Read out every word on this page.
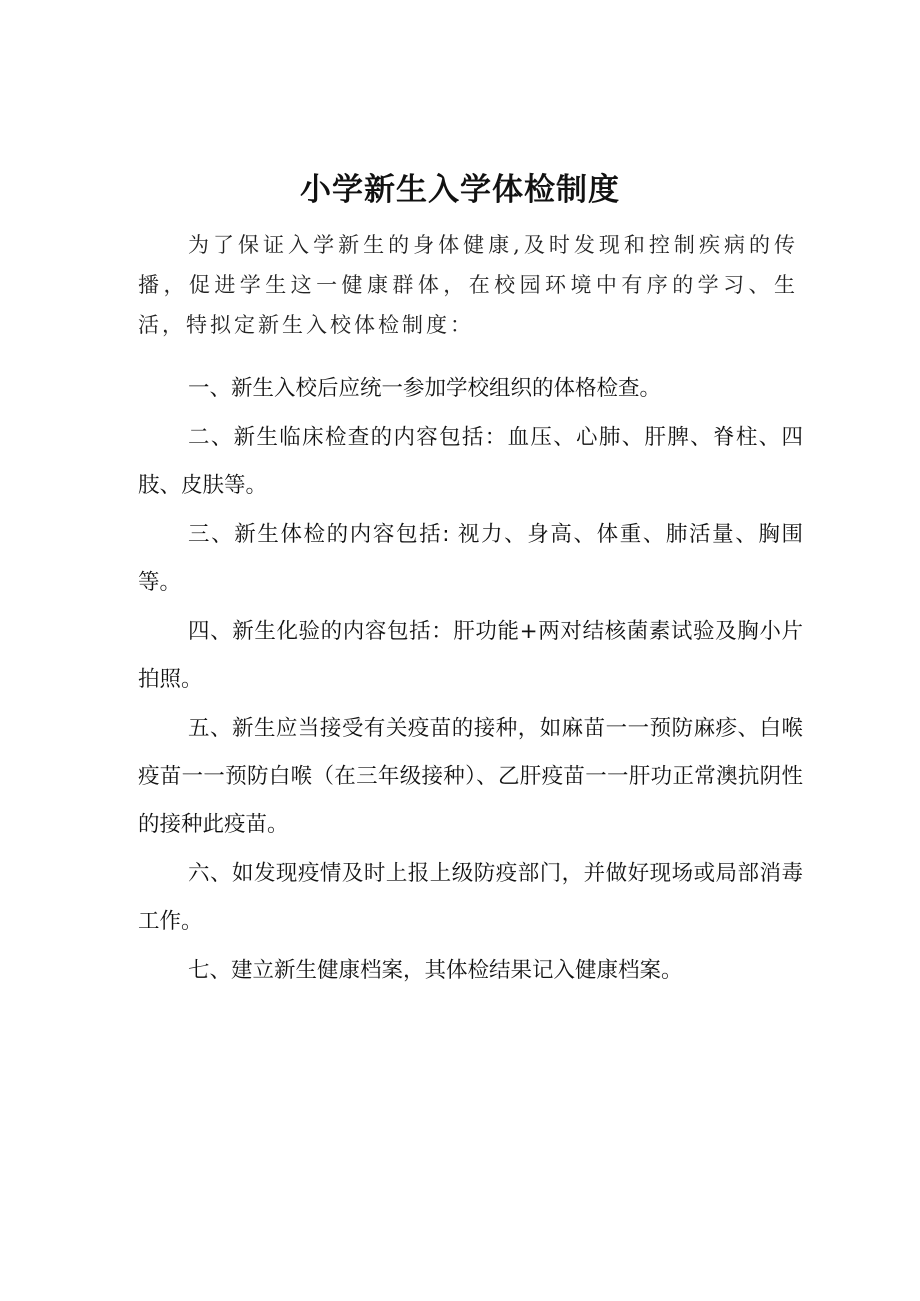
小学新生入学体检制度

为了保证入学新生的身体健康,及时发现和控制疾病的传播，促进学生这一健康群体，在校园环境中有序的学习、生活，特拟定新生入校体检制度：

一、新生入校后应统一参加学校组织的体格检查。

二、新生临床检查的内容包括：血压、心肺、肝脾、脊柱、四肢、皮肤等。

三、新生体检的内容包括: 视力、身高、体重、肺活量、胸围等。

四、新生化验的内容包括：肝功能+两对结核菌素试验及胸小片拍照。

五、新生应当接受有关疫苗的接种，如麻苗一一预防麻疹、白喉疫苗一一预防白喉（在三年级接种）、乙肝疫苗一一肝功正常澳抗阴性的接种此疫苗。

六、如发现疫情及时上报上级防疫部门，并做好现场或局部消毒工作。

七、建立新生健康档案，其体检结果记入健康档案。
